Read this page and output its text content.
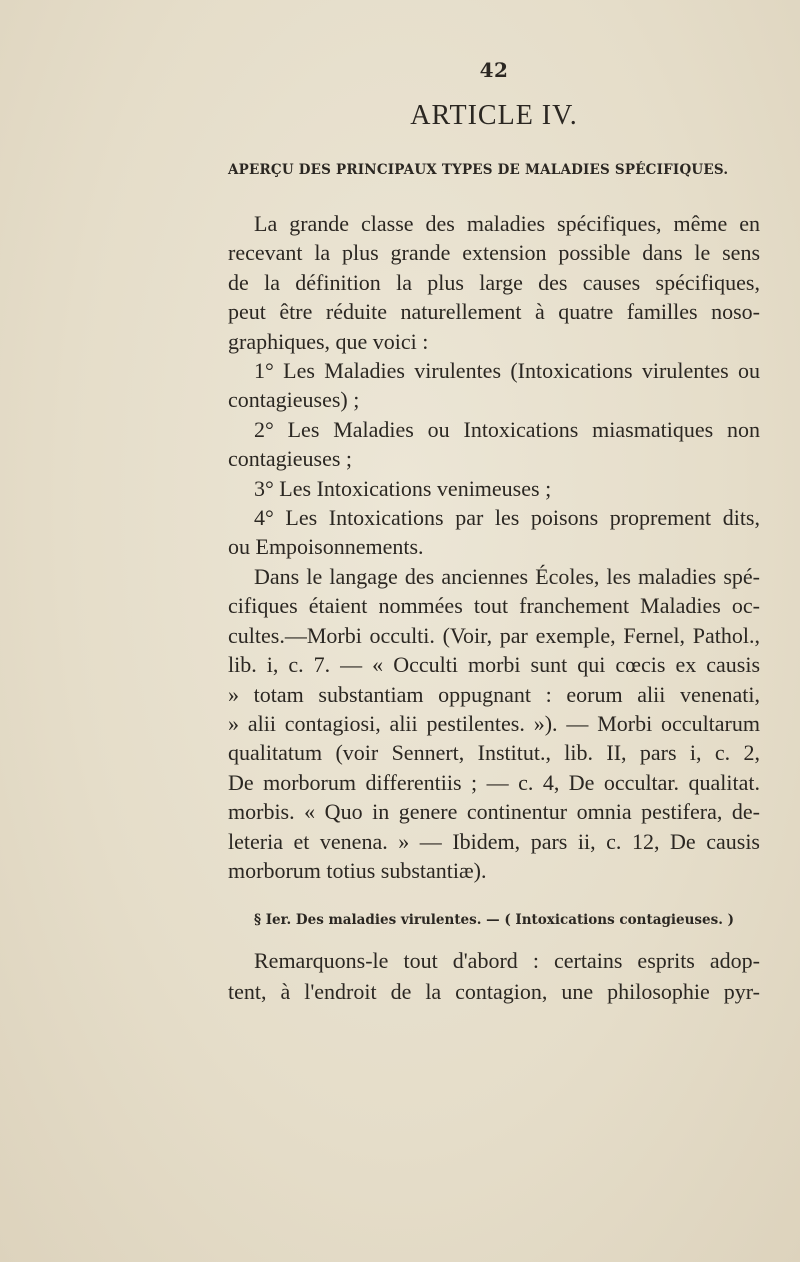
42
ARTICLE IV.
APERÇU DES PRINCIPAUX TYPES DE MALADIES SPÉCIFIQUES.
La grande classe des maladies spécifiques, même en
recevant la plus grande extension possible dans le sens
de la définition la plus large des causes spécifiques,
peut être réduite naturellement à quatre familles noso-
graphiques, que voici :
1° Les Maladies virulentes (Intoxications virulentes ou
contagieuses) ;
2° Les Maladies ou Intoxications miasmatiques non
contagieuses ;
3° Les Intoxications venimeuses ;
4° Les Intoxications par les poisons proprement dits,
ou Empoisonnements.
Dans le langage des anciennes Écoles, les maladies spé-
cifiques étaient nommées tout franchement Maladies oc-
cultes.—Morbi occulti. (Voir, par exemple, Fernel, Pathol.,
lib. i, c. 7. — « Occulti morbi sunt qui cœcis ex causis
» totam substantiam oppugnant : eorum alii venenati,
» alii contagiosi, alii pestilentes. »). — Morbi occultarum
qualitatum (voir Sennert, Institut., lib. II, pars i, c. 2,
De morborum differentiis ; — c. 4, De occultar. qualitat.
morbis. « Quo in genere continentur omnia pestifera, de-
leteria et venena. » — Ibidem, pars ii, c. 12, De causis
morborum totius substantiæ).
§ Ier. Des maladies virulentes. — ( Intoxications contagieuses. )
Remarquons-le tout d'abord : certains esprits adop-
tent, à l'endroit de la contagion, une philosophie pyr-
